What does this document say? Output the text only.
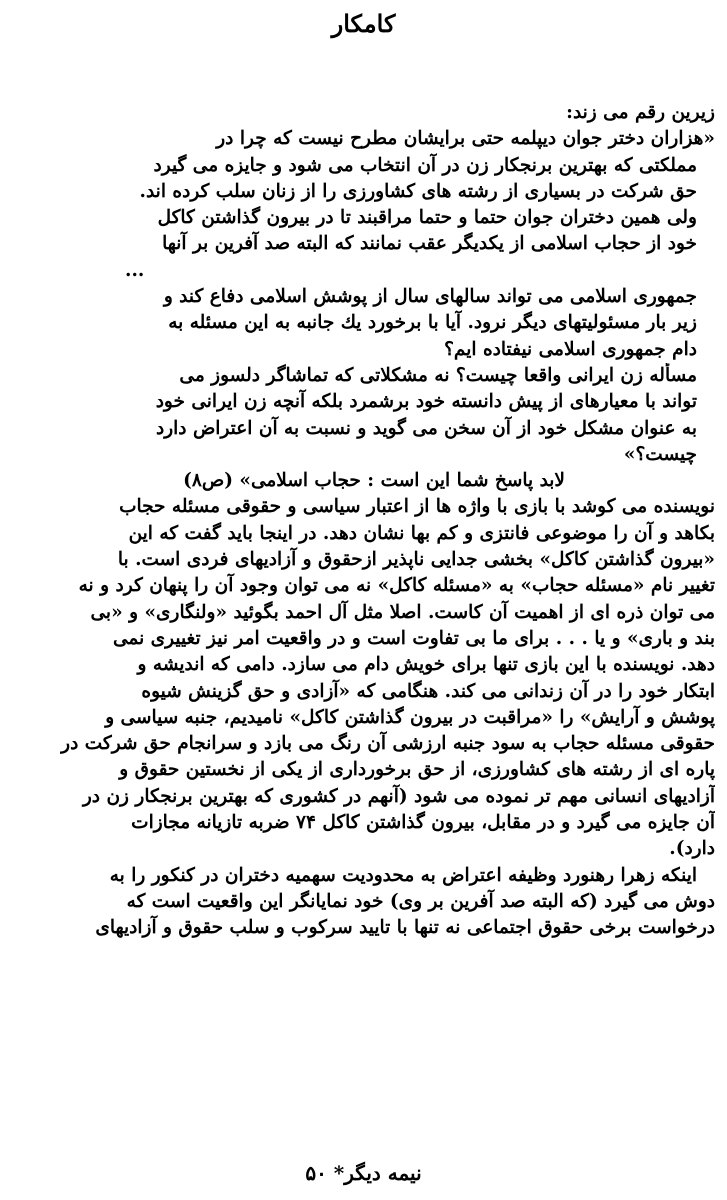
کامکار
زیرین رقم می زند:
«هزاران دختر جوان دیپلمه حتی برایشان مطرح نیست که چرا در
مملکتی که بهترین برنجکار زن در آن انتخاب می شود و جایزه می گیرد
حق شرکت در بسیاری از رشته های کشاورزی را از زنان سلب کرده اند.
ولی همین دختران جوان حتما و حتما مراقبند تا در بیرون گذاشتن کاکل
خود از حجاب اسلامی از یکدیگر عقب نمانند که البته صد آفرین بر آنها
...
جمهوری اسلامی می تواند سالهای سال از پوشش اسلامی دفاع کند و
زیر بار مسئولیتهای دیگر نرود. آیا با برخورد یك جانبه به این مسئله به
دام جمهوری اسلامی نیفتاده ایم؟
مسأله زن ایرانی واقعا چیست؟ نه مشکلاتی که تماشاگر دلسوز می
تواند با معیارهای از پیش دانسته خود برشمرد بلکه آنچه زن ایرانی خود
به عنوان مشکل خود از آن سخن می گوید و نسبت به آن اعتراض دارد
چیست؟»
لابد پاسخ شما این است : حجاب اسلامی» (ص۸)
نویسنده می کوشد با بازی با واژه ها از اعتبار سیاسی و حقوقی مسئله حجاب
بکاهد و آن را موضوعی فانتزی و کم بها نشان دهد. در اینجا باید گفت که این
«بیرون گذاشتن کاکل» بخشی جدایی ناپذیر ازحقوق و آزادیهای فردی است. با
تغییر نام «مسئله حجاب» به «مسئله کاکل» نه می توان وجود آن را پنهان کرد و نه
می توان ذره ای از اهمیت آن کاست. اصلا مثل آل احمد بگوئید «ولنگاری» و «بی
بند و باری» و یا . . . برای ما بی تفاوت است و در واقعیت امر نیز تغییری نمی
دهد. نویسنده با این بازی تنها برای خویش دام می سازد. دامی که اندیشه و
ابتکار خود را در آن زندانی می کند. هنگامی که «آزادی و حق گزینش شیوه
پوشش و آرایش» را «مراقبت در بیرون گذاشتن کاکل» نامیدیم، جنبه سیاسی و
حقوقی مسئله حجاب به سود جنبه ارزشی آن رنگ می بازد و سرانجام حق شرکت در
پاره ای از رشته های کشاورزی، از حق برخورداری از یکی از نخستین حقوق و
آزادیهای انسانی مهم تر نموده می شود (آنهم در کشوری که بهترین برنجکار زن در
آن جایزه می گیرد و در مقابل، بیرون گذاشتن کاکل ۷۴ ضربه تازیانه مجازات
دارد).
اینکه زهرا رهنورد وظیفه اعتراض به محدودیت سهمیه دختران در کنکور را به
دوش می گیرد (که البته صد آفرین بر وی) خود نمایانگر این واقعیت است که
درخواست برخی حقوق اجتماعی نه تنها با تایید سرکوب و سلب حقوق و آزادیهای
نیمه دیگر* ۵۰
